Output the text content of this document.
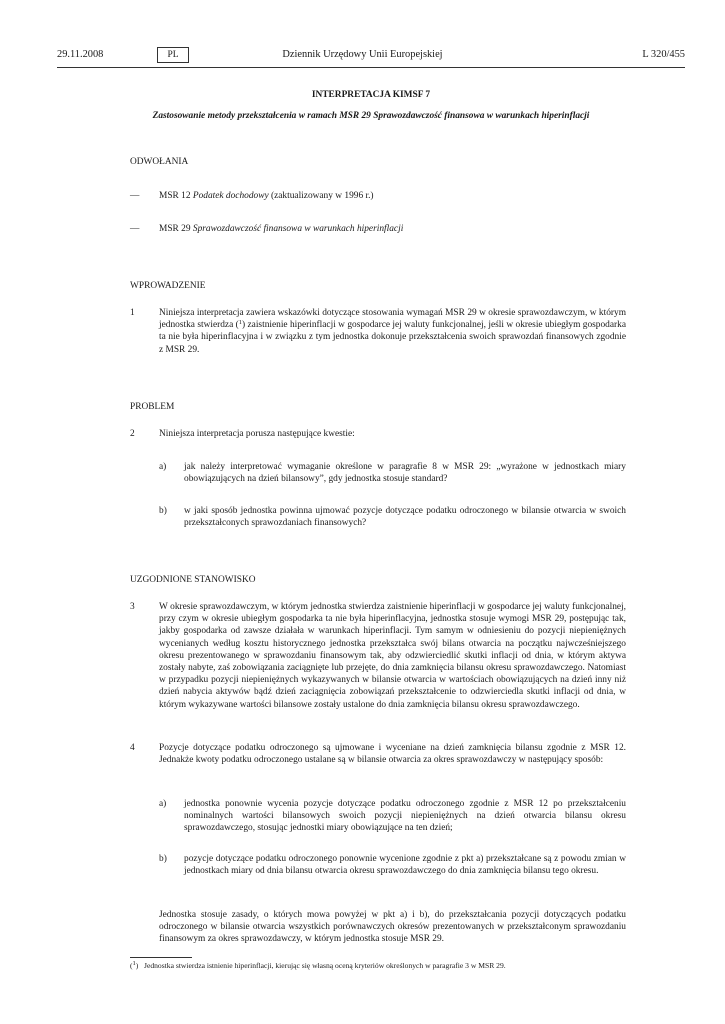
29.11.2008	PL	Dziennik Urzędowy Unii Europejskiej	L 320/455
INTERPRETACJA KIMSF 7
Zastosowanie metody przekształcenia w ramach MSR 29 Sprawozdawczość finansowa w warunkach hiperinflacji
ODWOŁANIA
— MSR 12 Podatek dochodowy (zaktualizowany w 1996 r.)
— MSR 29 Sprawozdawczość finansowa w warunkach hiperinflacji
WPROWADZENIE
1	Niniejsza interpretacja zawiera wskazówki dotyczące stosowania wymagań MSR 29 w okresie sprawozdawczym, w którym jednostka stwierdza ($^1$) zaistnienie hiperinflacji w gospodarce jej waluty funkcjonalnej, jeśli w okresie ubiegłym gospodarka ta nie była hiperinflacyjna i w związku z tym jednostka dokonuje przekształcenia swoich sprawozdań finansowych zgodnie z MSR 29.
PROBLEM
2	Niniejsza interpretacja porusza następujące kwestie:
a) jak należy interpretować wymaganie określone w paragrafie 8 w MSR 29: „wyrażone w jednostkach miary obowiązujących na dzień bilansowy”, gdy jednostka stosuje standard?
b) w jaki sposób jednostka powinna ujmować pozycje dotyczące podatku odroczonego w bilansie otwarcia w swoich przekształconych sprawozdaniach finansowych?
UZGODNIONE STANOWISKO
3	W okresie sprawozdawczym, w którym jednostka stwierdza zaistnienie hiperinflacji w gospodarce jej waluty funkcjonalnej, przy czym w okresie ubiegłym gospodarka ta nie była hiperinflacyjna, jednostka stosuje wymogi MSR 29, postępując tak, jakby gospodarka od zawsze działała w warunkach hiperinflacji. Tym samym w odniesieniu do pozycji niepieniężnych wycenianych według kosztu historycznego jednostka przekształca swój bilans otwarcia na początku najwcześniejszego okresu prezentowanego w sprawozdaniu finansowym tak, aby odzwierciedlić skutki inflacji od dnia, w którym aktywa zostały nabyte, zaś zobowiązania zaciągnięte lub przejęte, do dnia zamknięcia bilansu okresu sprawozdawczego. Natomiast w przypadku pozycji niepieniężnych wykazywanych w bilansie otwarcia w wartościach obowiązujących na dzień inny niż dzień nabycia aktywów bądź dzień zaciągnięcia zobowiązań przekształcenie to odzwierciedla skutki inflacji od dnia, w którym wykazywane wartości bilansowe zostały ustalone do dnia zamknięcia bilansu okresu sprawozdawczego.
4	Pozycje dotyczące podatku odroczonego są ujmowane i wyceniane na dzień zamknięcia bilansu zgodnie z MSR 12. Jednakże kwoty podatku odroczonego ustalane są w bilansie otwarcia za okres sprawozdawczy w następujący sposób:
a) jednostka ponownie wycenia pozycje dotyczące podatku odroczonego zgodnie z MSR 12 po przekształceniu nominalnych wartości bilansowych swoich pozycji niepieniężnych na dzień otwarcia bilansu okresu sprawozdawczego, stosując jednostki miary obowiązujące na ten dzień;
b) pozycje dotyczące podatku odroczonego ponownie wycenione zgodnie z pkt a) przekształcane są z powodu zmian w jednostkach miary od dnia bilansu otwarcia okresu sprawozdawczego do dnia zamknięcia bilansu tego okresu.
Jednostka stosuje zasady, o których mowa powyżej w pkt a) i b), do przekształcania pozycji dotyczących podatku odroczonego w bilansie otwarcia wszystkich porównawczych okresów prezentowanych w przekształconym sprawozdaniu finansowym za okres sprawozdawczy, w którym jednostka stosuje MSR 29.
(1)   Jednostka stwierdza istnienie hiperinflacji, kierując się własną oceną kryteriów określonych w paragrafie 3 w MSR 29.
